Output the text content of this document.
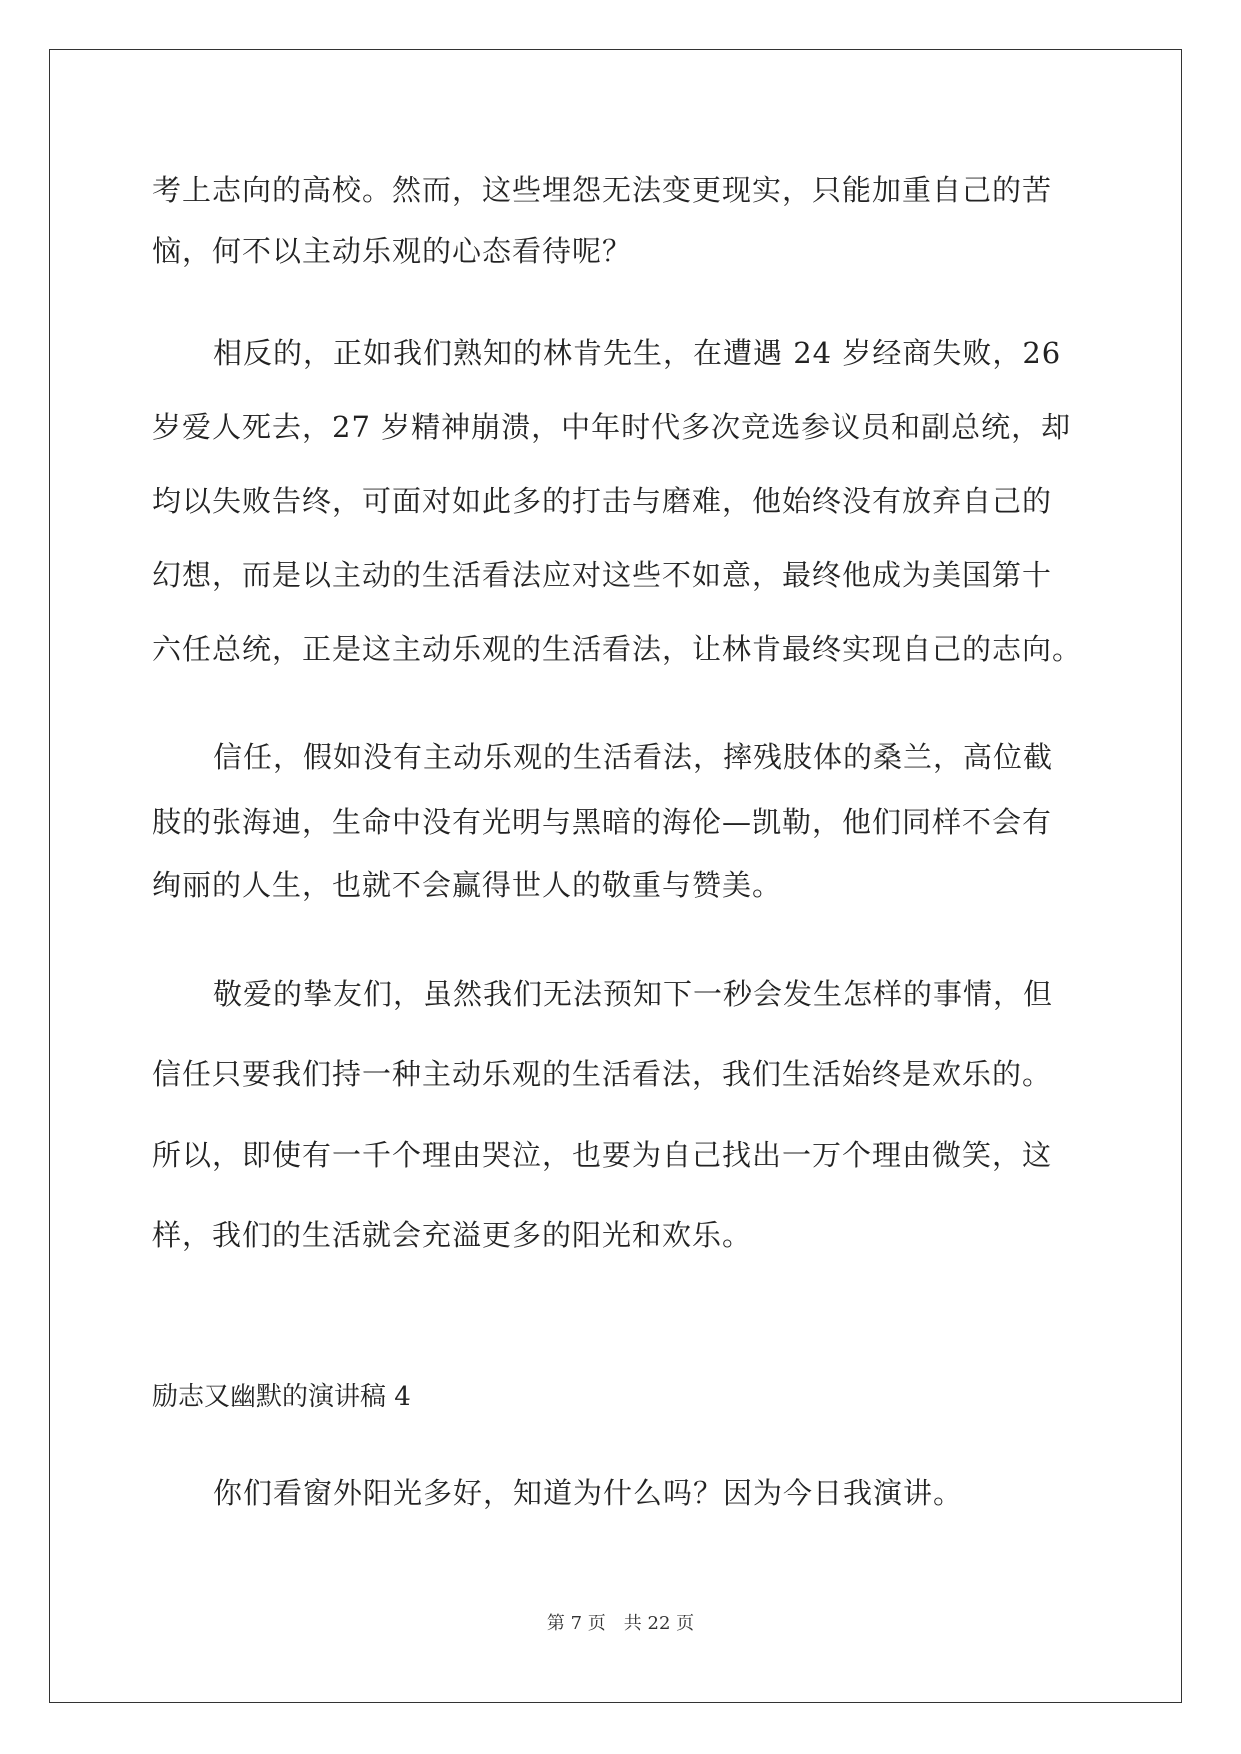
考上志向的高校。然而，这些埋怨无法变更现实，只能加重自己的苦
恼，何不以主动乐观的心态看待呢？
相反的，正如我们熟知的林肯先生，在遭遇 24 岁经商失败，26
岁爱人死去，27 岁精神崩溃，中年时代多次竞选参议员和副总统，却
均以失败告终，可面对如此多的打击与磨难，他始终没有放弃自己的
幻想，而是以主动的生活看法应对这些不如意，最终他成为美国第十
六任总统，正是这主动乐观的生活看法，让林肯最终实现自己的志向。
信任，假如没有主动乐观的生活看法，摔残肢体的桑兰，高位截
肢的张海迪，生命中没有光明与黑暗的海伦—凯勒，他们同样不会有
绚丽的人生，也就不会赢得世人的敬重与赞美。
敬爱的挚友们，虽然我们无法预知下一秒会发生怎样的事情，但
信任只要我们持一种主动乐观的生活看法，我们生活始终是欢乐的。
所以，即使有一千个理由哭泣，也要为自己找出一万个理由微笑，这
样，我们的生活就会充溢更多的阳光和欢乐。
励志又幽默的演讲稿 4
你们看窗外阳光多好，知道为什么吗？因为今日我演讲。
第 7 页 共 22 页
